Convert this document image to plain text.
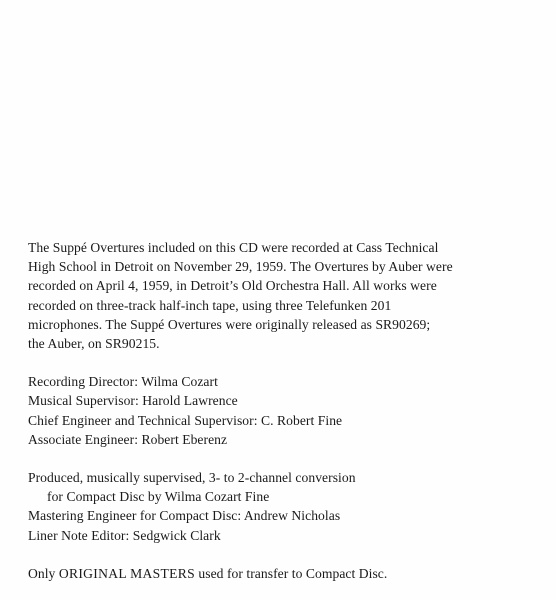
The Suppé Overtures included on this CD were recorded at Cass Technical
High School in Detroit on November 29, 1959. The Overtures by Auber were
recorded on April 4, 1959, in Detroit’s Old Orchestra Hall. All works were
recorded on three-track half-inch tape, using three Telefunken 201
microphones. The Suppé Overtures were originally released as SR90269;
the Auber, on SR90215.
Recording Director: Wilma Cozart
Musical Supervisor: Harold Lawrence
Chief Engineer and Technical Supervisor: C. Robert Fine
Associate Engineer: Robert Eberenz
Produced, musically supervised, 3- to 2-channel conversion
for Compact Disc by Wilma Cozart Fine
Mastering Engineer for Compact Disc: Andrew Nicholas
Liner Note Editor: Sedgwick Clark
Only ORIGINAL MASTERS used for transfer to Compact Disc.
